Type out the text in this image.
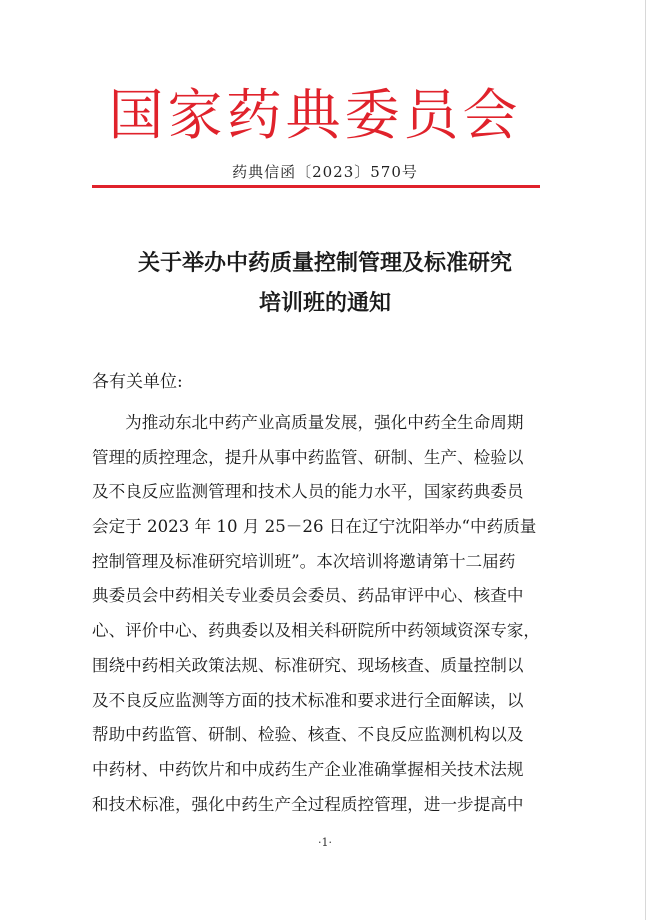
国家药典委员会
药典信函〔2023〕570号
关于举办中药质量控制管理及标准研究
培训班的通知
各有关单位:
　　为推动东北中药产业高质量发展，强化中药全生命周期
管理的质控理念，提升从事中药监管、研制、生产、检验以
及不良反应监测管理和技术人员的能力水平，国家药典委员
会定于 2023 年 10 月 25－26 日在辽宁沈阳举办“中药质量
控制管理及标准研究培训班”。本次培训将邀请第十二届药
典委员会中药相关专业委员会委员、药品审评中心、核查中
心、评价中心、药典委以及相关科研院所中药领域资深专家，
围绕中药相关政策法规、标准研究、现场核查、质量控制以
及不良反应监测等方面的技术标准和要求进行全面解读，以
帮助中药监管、研制、检验、核查、不良反应监测机构以及
中药材、中药饮片和中成药生产企业准确掌握相关技术法规
和技术标准，强化中药生产全过程质控管理，进一步提高中
·1·
